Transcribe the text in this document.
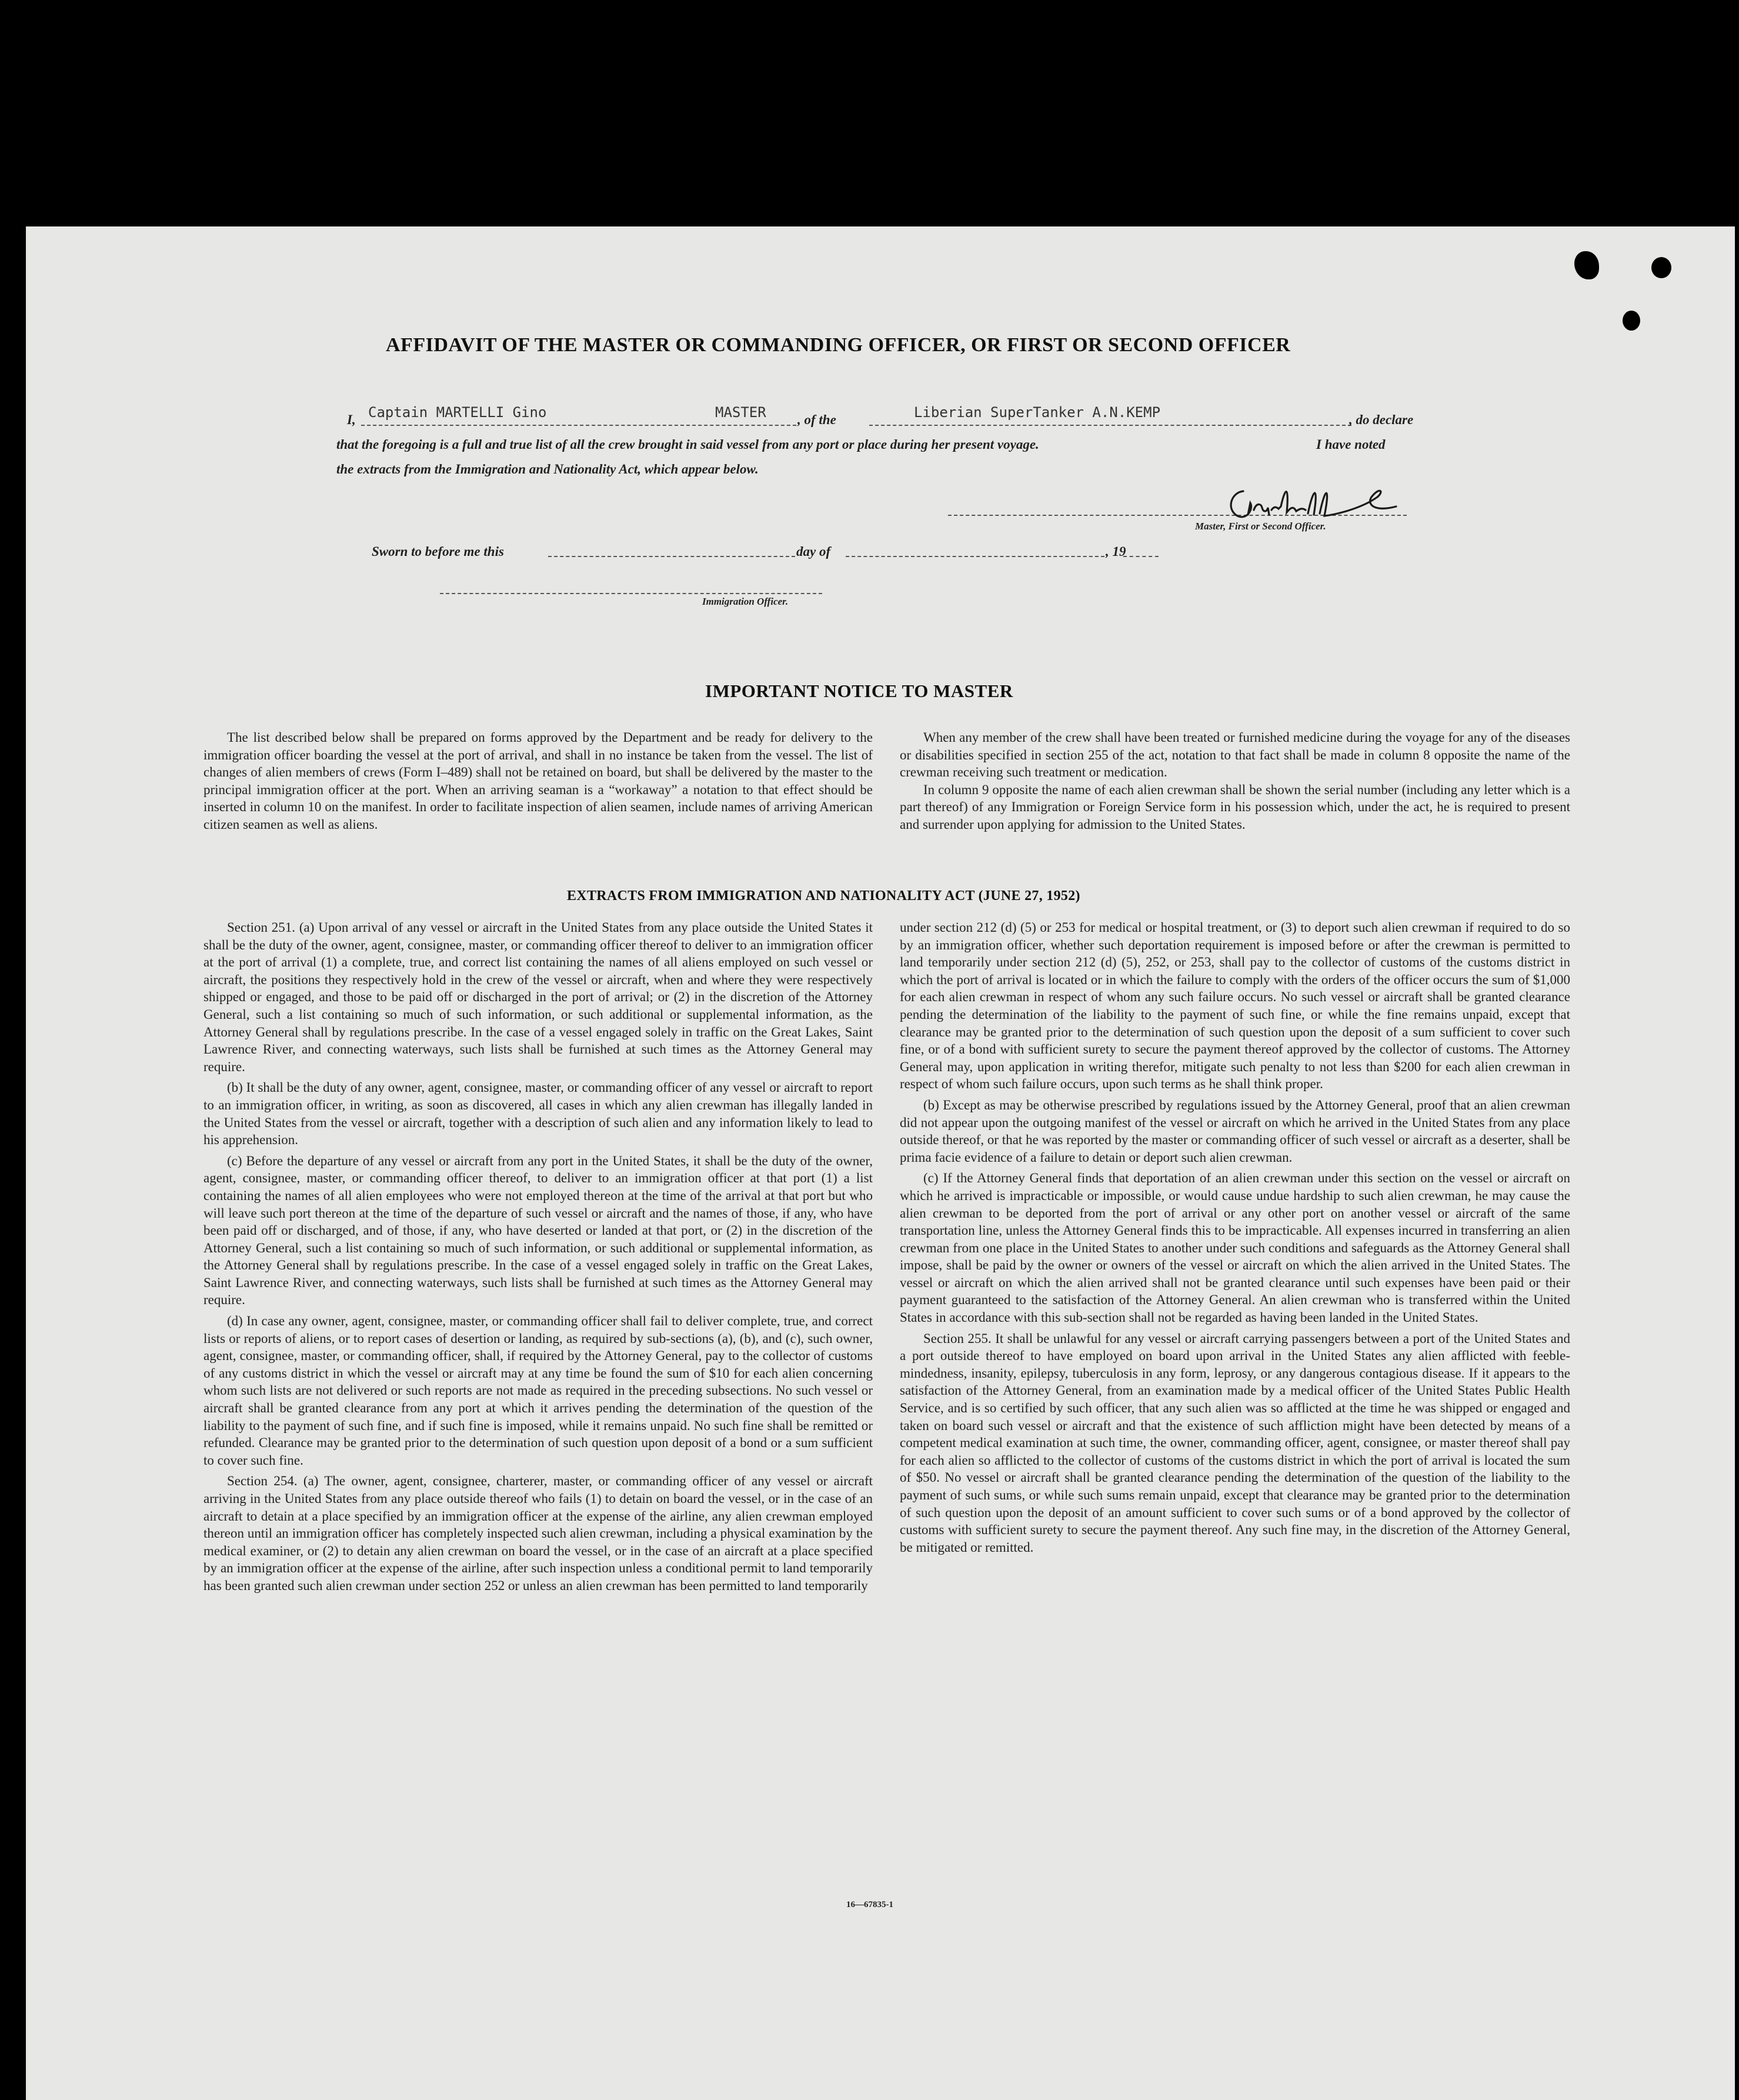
AFFIDAVIT OF THE MASTER OR COMMANDING OFFICER, OR FIRST OR SECOND OFFICER
I, Captain MARTELLI Gino	MASTER , of the	Liberian SuperTanker A.N.KEMP	, do declare
that the foregoing is a full and true list of all the crew brought in said vessel from any port or place during her present voyage.	I have noted
the extracts from the Immigration and Nationality Act, which appear below.
Master, First or Second Officer.
Sworn to before me this	day of	, 19
Immigration Officer.
IMPORTANT NOTICE TO MASTER

The list described below shall be prepared on forms approved by the Department and be ready for delivery to the immigration officer boarding the vessel at the port of arrival, and shall in no instance be taken from the vessel. The list of changes of alien members of crews (Form I–489) shall not be retained on board, but shall be delivered by the master to the principal immigration officer at the port. When an arriving seaman is a “workaway” a notation to that effect should be inserted in column 10 on the manifest. In order to facilitate inspection of alien seamen, include names of arriving American citizen seamen as well as aliens.

When any member of the crew shall have been treated or furnished medicine during the voyage for any of the diseases or disabilities specified in section 255 of the act, notation to that fact shall be made in column 8 opposite the name of the crewman receiving such treatment or medication.

In column 9 opposite the name of each alien crewman shall be shown the serial number (including any letter which is a part thereof) of any Immigration or Foreign Service form in his possession which, under the act, he is required to present and surrender upon applying for admission to the United States.

EXTRACTS FROM IMMIGRATION AND NATIONALITY ACT (JUNE 27, 1952)

Section 251. (a) Upon arrival of any vessel or aircraft in the United States from any place outside the United States it shall be the duty of the owner, agent, consignee, master, or commanding officer thereof to deliver to an immigration officer at the port of arrival (1) a complete, true, and correct list containing the names of all aliens employed on such vessel or aircraft, the positions they respectively hold in the crew of the vessel or aircraft, when and where they were respectively shipped or engaged, and those to be paid off or discharged in the port of arrival; or (2) in the discretion of the Attorney General, such a list containing so much of such information, or such additional or supplemental information, as the Attorney General shall by regulations prescribe. In the case of a vessel engaged solely in traffic on the Great Lakes, Saint Lawrence River, and connecting waterways, such lists shall be furnished at such times as the Attorney General may require.

(b) It shall be the duty of any owner, agent, consignee, master, or commanding officer of any vessel or aircraft to report to an immigration officer, in writing, as soon as discovered, all cases in which any alien crewman has illegally landed in the United States from the vessel or aircraft, together with a description of such alien and any information likely to lead to his apprehension.

(c) Before the departure of any vessel or aircraft from any port in the United States, it shall be the duty of the owner, agent, consignee, master, or commanding officer thereof, to deliver to an immigration officer at that port (1) a list containing the names of all alien employees who were not employed thereon at the time of the arrival at that port but who will leave such port thereon at the time of the departure of such vessel or aircraft and the names of those, if any, who have been paid off or discharged, and of those, if any, who have deserted or landed at that port, or (2) in the discretion of the Attorney General, such a list containing so much of such information, or such additional or supplemental information, as the Attorney General shall by regulations prescribe. In the case of a vessel engaged solely in traffic on the Great Lakes, Saint Lawrence River, and connecting waterways, such lists shall be furnished at such times as the Attorney General may require.

(d) In case any owner, agent, consignee, master, or commanding officer shall fail to deliver complete, true, and correct lists or reports of aliens, or to report cases of desertion or landing, as required by sub-sections (a), (b), and (c), such owner, agent, consignee, master, or commanding officer, shall, if required by the Attorney General, pay to the collector of customs of any customs district in which the vessel or aircraft may at any time be found the sum of $10 for each alien concerning whom such lists are not delivered or such reports are not made as required in the preceding subsections. No such vessel or aircraft shall be granted clearance from any port at which it arrives pending the determination of the question of the liability to the payment of such fine, and if such fine is imposed, while it remains unpaid. No such fine shall be remitted or refunded. Clearance may be granted prior to the determination of such question upon deposit of a bond or a sum sufficient to cover such fine.

Section 254. (a) The owner, agent, consignee, charterer, master, or commanding officer of any vessel or aircraft arriving in the United States from any place outside thereof who fails (1) to detain on board the vessel, or in the case of an aircraft to detain at a place specified by an immigration officer at the expense of the airline, any alien crewman employed thereon until an immigration officer has completely inspected such alien crewman, including a physical examination by the medical examiner, or (2) to detain any alien crewman on board the vessel, or in the case of an aircraft at a place specified by an immigration officer at the expense of the airline, after such inspection unless a conditional permit to land temporarily has been granted such alien crewman under section 252 or unless an alien crewman has been permitted to land temporarily

under section 212 (d) (5) or 253 for medical or hospital treatment, or (3) to deport such alien crewman if required to do so by an immigration officer, whether such deportation requirement is imposed before or after the crewman is permitted to land temporarily under section 212 (d) (5), 252, or 253, shall pay to the collector of customs of the customs district in which the port of arrival is located or in which the failure to comply with the orders of the officer occurs the sum of $1,000 for each alien crewman in respect of whom any such failure occurs. No such vessel or aircraft shall be granted clearance pending the determination of the liability to the payment of such fine, or while the fine remains unpaid, except that clearance may be granted prior to the determination of such question upon the deposit of a sum sufficient to cover such fine, or of a bond with sufficient surety to secure the payment thereof approved by the collector of customs. The Attorney General may, upon application in writing therefor, mitigate such penalty to not less than $200 for each alien crewman in respect of whom such failure occurs, upon such terms as he shall think proper.

(b) Except as may be otherwise prescribed by regulations issued by the Attorney General, proof that an alien crewman did not appear upon the outgoing manifest of the vessel or aircraft on which he arrived in the United States from any place outside thereof, or that he was reported by the master or commanding officer of such vessel or aircraft as a deserter, shall be prima facie evidence of a failure to detain or deport such alien crewman.

(c) If the Attorney General finds that deportation of an alien crewman under this section on the vessel or aircraft on which he arrived is impracticable or impossible, or would cause undue hardship to such alien crewman, he may cause the alien crewman to be deported from the port of arrival or any other port on another vessel or aircraft of the same transportation line, unless the Attorney General finds this to be impracticable. All expenses incurred in transferring an alien crewman from one place in the United States to another under such conditions and safeguards as the Attorney General shall impose, shall be paid by the owner or owners of the vessel or aircraft on which the alien arrived in the United States. The vessel or aircraft on which the alien arrived shall not be granted clearance until such expenses have been paid or their payment guaranteed to the satisfaction of the Attorney General. An alien crewman who is transferred within the United States in accordance with this sub-section shall not be regarded as having been landed in the United States.

Section 255. It shall be unlawful for any vessel or aircraft carrying passengers between a port of the United States and a port outside thereof to have employed on board upon arrival in the United States any alien afflicted with feeble-mindedness, insanity, epilepsy, tuberculosis in any form, leprosy, or any dangerous contagious disease. If it appears to the satisfaction of the Attorney General, from an examination made by a medical officer of the United States Public Health Service, and is so certified by such officer, that any such alien was so afflicted at the time he was shipped or engaged and taken on board such vessel or aircraft and that the existence of such affliction might have been detected by means of a competent medical examination at such time, the owner, commanding officer, agent, consignee, or master thereof shall pay for each alien so afflicted to the collector of customs of the customs district in which the port of arrival is located the sum of $50. No vessel or aircraft shall be granted clearance pending the determination of the question of the liability to the payment of such sums, or while such sums remain unpaid, except that clearance may be granted prior to the determination of such question upon the deposit of an amount sufficient to cover such sums or of a bond approved by the collector of customs with sufficient surety to secure the payment thereof. Any such fine may, in the discretion of the Attorney General, be mitigated or remitted.

16—67835-1
